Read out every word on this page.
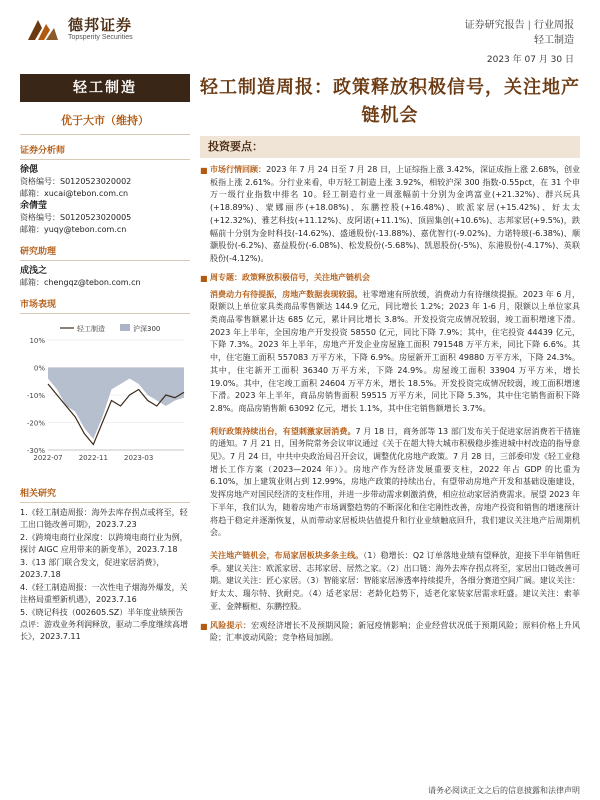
德邦证券
Topsperity Securities
证券研究报告 | 行业周报
轻工制造
2023 年 07 月 30 日
轻工制造
优于大市（维持）
证券分析师
徐偲
资格编号：S0120523020002
邮箱：xucai@tebon.com.cn
余倩莹
资格编号：S0120523020005
邮箱：yuqy@tebon.com.cn
研究助理
成浅之
邮箱：chengqz@tebon.com.cn
市场表现
10%
0%
-10%
-20%
-30%
2022-07 2022-11 2023-03
轻工制造	沪深300
相关研究
1.《轻工制造周报：海外去库存拐点或将至，轻工出口链改善可期》，2023.7.23
2.《跨境电商行业深度：以跨境电商行业为例，探讨 AIGC 应用带来的新变革》，2023.7.18
3.《13 部门联合发文，促进家居消费》，2023.7.18
4.《轻工制造周报：一次性电子烟海外爆发，关注格局重塑新机遇》，2023.7.16
5.《晓记科技（002605.SZ）半年度业绩预告点评：游戏业务利润释放，驱动二季度继续高增长》，2023.7.11
轻工制造周报：政策释放积极信号，关注地产链机会
投资要点：
■ 市场行情回顾：2023 年 7 月 24 日至 7 月 28 日，上证综指上涨 3.42%，深证成指上涨 2.68%，创业板指上涨 2.61%。分行业来看，申万轻工制造上涨 3.92%，相较沪深 300 指数-0.55pct，在 31 个申万一级行业指数中排名 10。轻工制造行业一周涨幅前十分别为金鸿富业(+21.32%)、群兴玩具(+18.89%)、蒙娜丽莎(+18.08%)、东鹏控股(+16.48%)、欧派家居(+15.42%)、好太太(+12.32%)、雅艺科技(+11.12%)、皮阿诺(+11.1%)、顶固集创(+10.6%)、志邦家居(+9.5%)，跌幅前十分别为金时科技(-14.62%)、盛通股份(-13.88%)、嘉优智行(-9.02%)、力诺特玻(-6.38%)、顺灏股份(-6.2%)、嘉益股份(-6.08%)、松发股份(-5.68%)、凯恩股份(-5%)、东港股份(-4.17%)、英联股份(-4.12%)。
■ 周专题：政策释放积极信号，关注地产链机会
消费动力有待提振，房地产数据表现较弱。社零增速有所放缓，消费动力有待继续提振。2023 年 6 月，限额以上单位家具类商品零售额达 144.9 亿元，同比增长 1.2%；2023 年 1-6 月，限额以上单位家具类商品零售额累计达 685 亿元，累计同比增长 3.8%。开发投资完成情况较弱，竣工面积增速下滑。2023 年上半年，全国房地产开发投资 58550 亿元，同比下降 7.9%；其中，住宅投资 44439 亿元，下降 7.3%。2023 年上半年，房地产开发企业房屋施工面积 791548 万平方米，同比下降 6.6%。其中，住宅施工面积 557083 万平方米，下降 6.9%。房屋新开工面积 49880 万平方米，下降 24.3%。其中，住宅新开工面积 36340 万平方米，下降 24.9%。房屋竣工面积 33904 万平方米，增长 19.0%。其中，住宅竣工面积 24604 万平方米，增长 18.5%。开发投资完成情况较弱，竣工面积增速下滑。2023 年上半年，商品房销售面积 59515 万平方米，同比下降 5.3%，其中住宅销售面积下降 2.8%。商品房销售额 63092 亿元，增长 1.1%，其中住宅销售额增长 3.7%。
利好政策持续出台，有望刺激家居消费。7 月 18 日，商务部等 13 部门发布关于促进家居消费若干措施的通知。7 月 21 日，国务院常务会议审议通过《关于在超大特大城市积极稳步推进城中村改造的指导意见》。7 月 24 日，中共中央政治局召开会议，调整优化房地产政策。7 月 28 日，三部委印发《轻工业稳增长工作方案（2023—2024 年）》。房地产作为经济发展重要支柱，2022 年占 GDP 的比重为 6.10%，加上建筑业则占到 12.99%，房地产政策的持续出台，有望带动房地产开发和基础设施建设，发挥房地产对国民经济的支柱作用，并进一步带动需求刺激消费，相应拉动家居消费需求。展望 2023 年下半年，我们认为，随着房地产市场调整趋势的不断深化和住宅刚性改善，房地产投资和销售的增速预计将趋于稳定并逐渐恢复，从而带动家居板块估值提升和行业业绩触底回升，我们建议关注地产后周期机会。
关注地产链机会，布局家居板块多条主线。（1）稳增长：Q2 订单落地业绩有望释放，迎接下半年销售旺季。建议关注：欧派家居、志邦家居、居然之家。（2）出口链：海外去库存拐点将至，家居出口链改善可期。建议关注：匠心家居。（3）智能家居：智能家居渗透率持续提升，各细分赛道空间广阔。建议关注：好太太、瑞尔特、狄耐克。（4）适老家居：老龄化趋势下，适老化家装家居需求旺盛。建议关注：索菲亚、金牌橱柜、东鹏控股。
■ 风险提示：宏观经济增长不及预期风险；新冠疫情影响；企业经营状况低于预期风险；原料价格上升风险；汇率波动风险；竞争格局加剧。
请务必阅读正文之后的信息披露和法律声明
